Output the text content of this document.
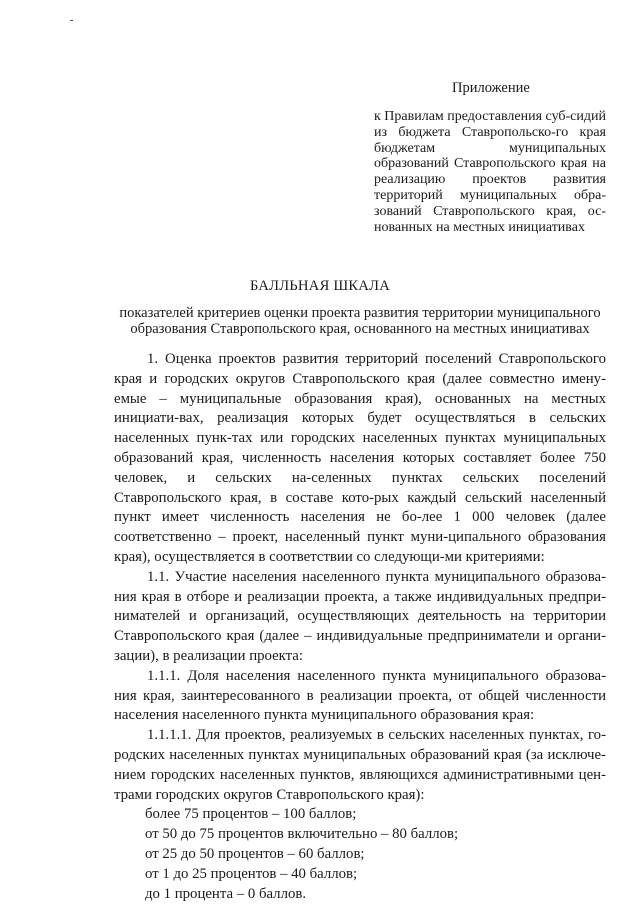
Приложение
к Правилам предоставления суб-сидий из бюджета Ставропольско-го края бюджетам муниципальных образований Ставропольского края на реализацию проектов развития территорий муниципальных обра-зований Ставропольского края, ос-нованных на местных инициативах
БАЛЛЬНАЯ ШКАЛА
показателей критериев оценки проекта развития территории муниципального образования Ставропольского края, основанного на местных инициативах

1. Оценка проектов развития территорий поселений Ставропольского края и городских округов Ставропольского края (далее совместно имену-емые – муниципальные образования края), основанных на местных инициати-вах, реализация которых будет осуществляться в сельских населенных пунк-тах или городских населенных пунктах муниципальных образований края, численность населения которых составляет более 750 человек, и сельских на-селенных пунктах сельских поселений Ставропольского края, в составе кото-рых каждый сельский населенный пункт имеет численность населения не бо-лее 1 000 человек (далее соответственно – проект, населенный пункт муни-ципального образования края), осуществляется в соответствии со следующи-ми критериями:

1.1. Участие населения населенного пункта муниципального образова-ния края в отборе и реализации проекта, а также индивидуальных предпри-нимателей и организаций, осуществляющих деятельность на территории Ставропольского края (далее – индивидуальные предприниматели и органи-зации), в реализации проекта:

1.1.1. Доля населения населенного пункта муниципального образова-ния края, заинтересованного в реализации проекта, от общей численности населения населенного пункта муниципального образования края:

1.1.1.1. Для проектов, реализуемых в сельских населенных пунктах, го-родских населенных пунктах муниципальных образований края (за исключе-нием городских населенных пунктов, являющихся административными цен-трами городских округов Ставропольского края):

более 75 процентов – 100 баллов;

от 50 до 75 процентов включительно – 80 баллов;

от 25 до 50 процентов – 60 баллов;

от 1 до 25 процентов – 40 баллов;

до 1 процента – 0 баллов.
